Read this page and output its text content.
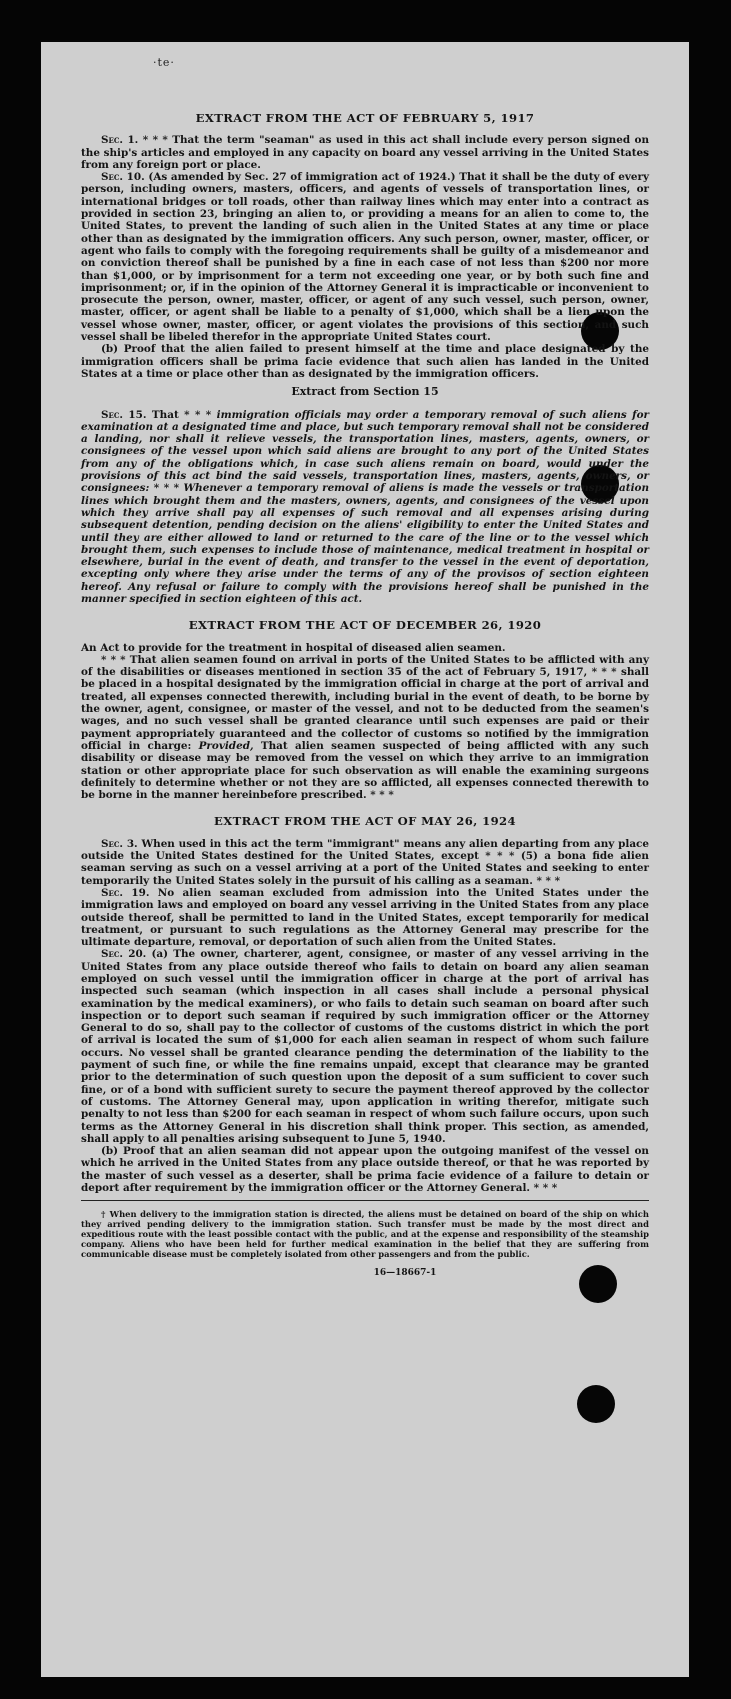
·te·
EXTRACT FROM THE ACT OF FEBRUARY 5, 1917

Sec. 1. * * * That the term "seaman" as used in this act shall include every person signed on the ship's articles and employed in any capacity on board any vessel arriving in the United States from any foreign port or place.

Sec. 10. (As amended by Sec. 27 of immigration act of 1924.) That it shall be the duty of every person, including owners, masters, officers, and agents of vessels of transportation lines, or international bridges or toll roads, other than railway lines which may enter into a contract as provided in section 23, bringing an alien to, or providing a means for an alien to come to, the United States, to prevent the landing of such alien in the United States at any time or place other than as designated by the immigration officers. Any such person, owner, master, officer, or agent who fails to comply with the foregoing requirements shall be guilty of a misdemeanor and on conviction thereof shall be punished by a fine in each case of not less than $200 nor more than $1,000, or by imprisonment for a term not exceeding one year, or by both such fine and imprisonment; or, if in the opinion of the Attorney General it is impracticable or inconvenient to prosecute the person, owner, master, officer, or agent of any such vessel, such person, owner, master, officer, or agent shall be liable to a penalty of $1,000, which shall be a lien upon the vessel whose owner, master, officer, or agent violates the provisions of this section, and such vessel shall be libeled therefor in the appropriate United States court.

(b) Proof that the alien failed to present himself at the time and place designated by the immigration officers shall be prima facie evidence that such alien has landed in the United States at a time or place other than as designated by the immigration officers.

Extract from Section 15

Sec. 15. That * * * immigration officials may order a temporary removal of such aliens for examination at a designated time and place, but such temporary removal shall not be considered a landing, nor shall it relieve vessels, the transportation lines, masters, agents, owners, or consignees of the vessel upon which said aliens are brought to any port of the United States from any of the obligations which, in case such aliens remain on board, would under the provisions of this act bind the said vessels, transportation lines, masters, agents, owners, or consignees: * * * Whenever a temporary removal of aliens is made the vessels or transportation lines which brought them and the masters, owners, agents, and consignees of the vessel upon which they arrive shall pay all expenses of such removal and all expenses arising during subsequent detention, pending decision on the aliens' eligibility to enter the United States and until they are either allowed to land or returned to the care of the line or to the vessel which brought them, such expenses to include those of maintenance, medical treatment in hospital or elsewhere, burial in the event of death, and transfer to the vessel in the event of deportation, excepting only where they arise under the terms of any of the provisos of section eighteen hereof. Any refusal or failure to comply with the provisions hereof shall be punished in the manner specified in section eighteen of this act.

EXTRACT FROM THE ACT OF DECEMBER 26, 1920

An Act to provide for the treatment in hospital of diseased alien seamen.

* * * That alien seamen found on arrival in ports of the United States to be afflicted with any of the disabilities or diseases mentioned in section 35 of the act of February 5, 1917, * * * shall be placed in a hospital designated by the immigration official in charge at the port of arrival and treated, all expenses connected therewith, including burial in the event of death, to be borne by the owner, agent, consignee, or master of the vessel, and not to be deducted from the seamen's wages, and no such vessel shall be granted clearance until such expenses are paid or their payment appropriately guaranteed and the collector of customs so notified by the immigration official in charge: Provided, That alien seamen suspected of being afflicted with any such disability or disease may be removed from the vessel on which they arrive to an immigration station or other appropriate place for such observation as will enable the examining surgeons definitely to determine whether or not they are so afflicted, all expenses connected therewith to be borne in the manner hereinbefore prescribed. * * *

EXTRACT FROM THE ACT OF MAY 26, 1924

Sec. 3. When used in this act the term "immigrant" means any alien departing from any place outside the United States destined for the United States, except * * * (5) a bona fide alien seaman serving as such on a vessel arriving at a port of the United States and seeking to enter temporarily the United States solely in the pursuit of his calling as a seaman. * * *

Sec. 19. No alien seaman excluded from admission into the United States under the immigration laws and employed on board any vessel arriving in the United States from any place outside thereof, shall be permitted to land in the United States, except temporarily for medical treatment, or pursuant to such regulations as the Attorney General may prescribe for the ultimate departure, removal, or deportation of such alien from the United States.

Sec. 20. (a) The owner, charterer, agent, consignee, or master of any vessel arriving in the United States from any place outside thereof who fails to detain on board any alien seaman employed on such vessel until the immigration officer in charge at the port of arrival has inspected such seaman (which inspection in all cases shall include a personal physical examination by the medical examiners), or who fails to detain such seaman on board after such inspection or to deport such seaman if required by such immigration officer or the Attorney General to do so, shall pay to the collector of customs of the customs district in which the port of arrival is located the sum of $1,000 for each alien seaman in respect of whom such failure occurs. No vessel shall be granted clearance pending the determination of the liability to the payment of such fine, or while the fine remains unpaid, except that clearance may be granted prior to the determination of such question upon the deposit of a sum sufficient to cover such fine, or of a bond with sufficient surety to secure the payment thereof approved by the collector of customs. The Attorney General may, upon application in writing therefor, mitigate such penalty to not less than $200 for each seaman in respect of whom such failure occurs, upon such terms as the Attorney General in his discretion shall think proper. This section, as amended, shall apply to all penalties arising subsequent to June 5, 1940.

(b) Proof that an alien seaman did not appear upon the outgoing manifest of the vessel on which he arrived in the United States from any place outside thereof, or that he was reported by the master of such vessel as a deserter, shall be prima facie evidence of a failure to detain or deport after requirement by the immigration officer or the Attorney General. * * *

† When delivery to the immigration station is directed, the aliens must be detained on board of the ship on which they arrived pending delivery to the immigration station. Such transfer must be made by the most direct and expeditious route with the least possible contact with the public, and at the expense and responsibility of the steamship company. Aliens who have been held for further medical examination in the belief that they are suffering from communicable disease must be completely isolated from other passengers and from the public.

16—18667-1
